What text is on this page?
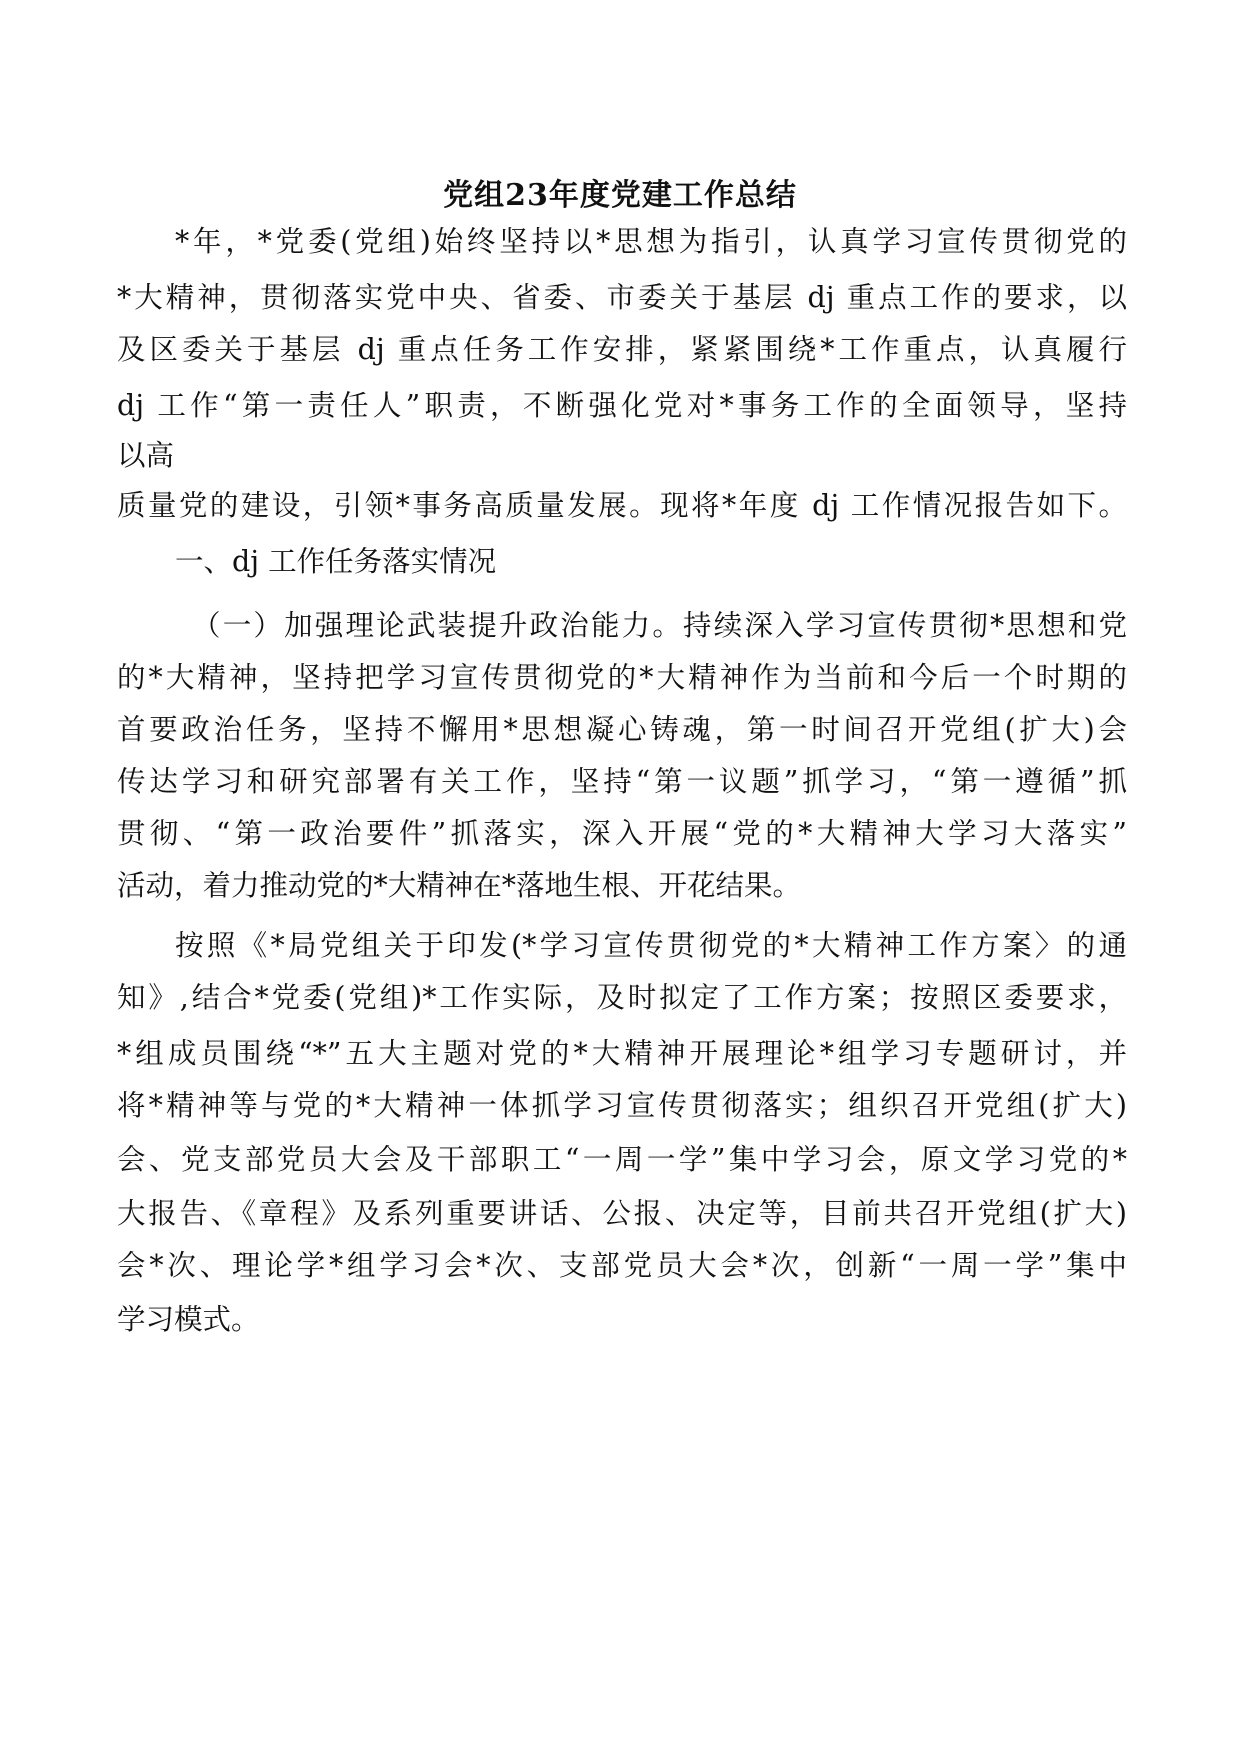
党组23年度党建工作总结
*年，*党委(党组)始终坚持以*思想为指引，认真学习宣传贯彻党的
*大精神，贯彻落实党中央、省委、市委关于基层 dj 重点工作的要求，以
及区委关于基层 dj 重点任务工作安排，紧紧围绕*工作重点，认真履行
dj 工作“第一责任人”职责，不断强化党对*事务工作的全面领导，坚持
以高
质量党的建设，引领*事务高质量发展。现将*年度 dj 工作情况报告如下。
一、dj 工作任务落实情况
（一）加强理论武装提升政治能力。持续深入学习宣传贯彻*思想和党
的*大精神，坚持把学习宣传贯彻党的*大精神作为当前和今后一个时期的
首要政治任务，坚持不懈用*思想凝心铸魂，第一时间召开党组(扩大)会
传达学习和研究部署有关工作，坚持“第一议题”抓学习，“第一遵循”抓
贯彻、“第一政治要件”抓落实，深入开展“党的*大精神大学习大落实”
活动，着力推动党的*大精神在*落地生根、开花结果。
按照《*局党组关于印发(*学习宣传贯彻党的*大精神工作方案〉的通
知》,结合*党委(党组)*工作实际，及时拟定了工作方案；按照区委要求，
*组成员围绕“*”五大主题对党的*大精神开展理论*组学习专题研讨，并
将*精神等与党的*大精神一体抓学习宣传贯彻落实；组织召开党组(扩大)
会、党支部党员大会及干部职工“一周一学”集中学习会，原文学习党的*
大报告、《章程》及系列重要讲话、公报、决定等，目前共召开党组(扩大)
会*次、理论学*组学习会*次、支部党员大会*次，创新“一周一学”集中
学习模式。
